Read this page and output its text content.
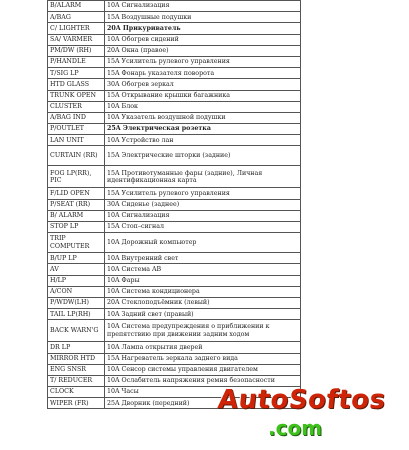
B/ALARM	10A Сигнализация
A/BAG	15A Воздушные подушки
C/ LIGHTER	20A Прикуриватель
SA/ VARMER	10A Обогрев сидений
PM/DW (RH)	20A Окна (правое)
P/HANDLE	15A Усилитель рулевого управления
T/SIG LP	15A Фонарь указателя поворота
HTD GLASS	30A Обогрев зеркал
TRUNK OPEN	15A Открывание крышки багажника
CLUSTER	10A Блок
A/BAG IND	10A Указатель воздушной подушки
P/OUTLET	25A Электрическая розетка
LAN UNIT	10A Устройство лан
CURTAIN (RR)	15A Электрические шторки (задние)
FOG LP(RR), PIC	15A Противотуманные фары (задние), Личная идентификационная карта
F/LID OPEN	15A Усилитель рулевого управления
P/SEAT (RR)	30A Сиденье (заднее)
B/ ALARM	10A Сигнализация
STOP LP	15A Стоп–сигнал
TRIP COMPUTER	10A Дорожный компьютер
B/UP LP	10A Внутренний свет
AV	10A Система AB
H/LP	10A Фары
A/CON	10A Система кондиционера
P/WDW(LH)	20A Стеклоподъёмник (левый)
TAIL LP(RH)	10A Задний свет (правый)
BACK WARN'G	10A Система предупреждения о приближении к препятствию при движении задним ходом
DR LP	10A Лампа открытия дверей
MIRROR HTD	15A Нагреватель зеркала заднего вида
ENG SNSR	10A Сенсор системы управления двигателем
T/ REDUCER	10A Ослабитель напряжения ремня безопасности
CLOCK	10A Часы
WIPER (FR)	25A Дворник (передний) AutoSoftos
.com
